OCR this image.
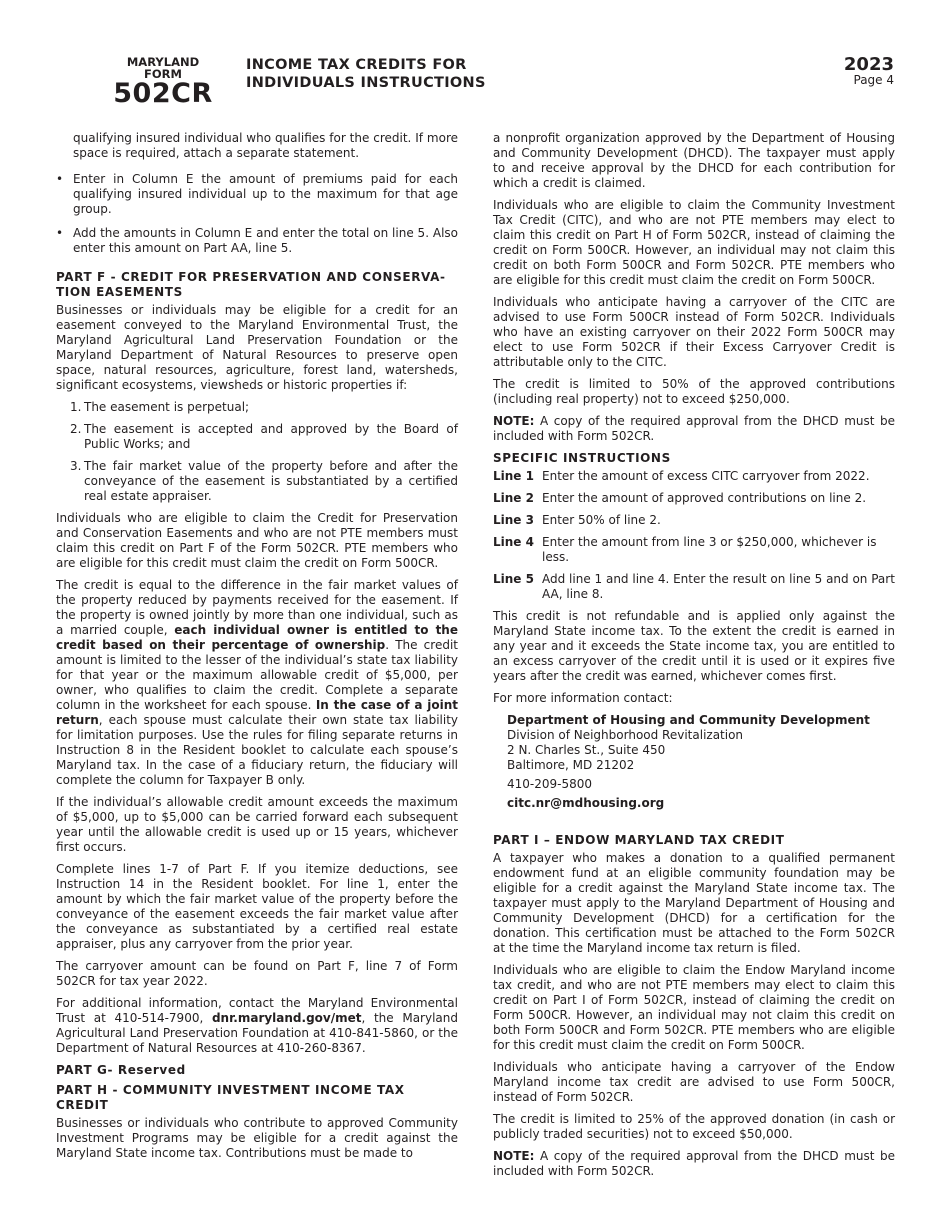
MARYLAND
FORM
502CR
INCOME TAX CREDITS FOR
INDIVIDUALS INSTRUCTIONS
2023
Page 4
qualifying insured individual who qualifies for the credit. If more space is required, attach a separate statement.
• Enter in Column E the amount of premiums paid for each qualifying insured individual up to the maximum for that age group.
• Add the amounts in Column E and enter the total on line 5. Also enter this amount on Part AA, line 5.
PART F - CREDIT FOR PRESERVATION AND CONSERVA-TION EASEMENTS

Businesses or individuals may be eligible for a credit for an easement conveyed to the Maryland Environmental Trust, the Maryland Agricultural Land Preservation Foundation or the Maryland Department of Natural Resources to preserve open space, natural resources, agriculture, forest land, watersheds, significant ecosystems, viewsheds or historic properties if:

1. The easement is perpetual;
2. The easement is accepted and approved by the Board of Public Works; and
3. The fair market value of the property before and after the conveyance of the easement is substantiated by a certified real estate appraiser.

Individuals who are eligible to claim the Credit for Preservation and Conservation Easements and who are not PTE members must claim this credit on Part F of the Form 502CR. PTE members who are eligible for this credit must claim the credit on Form 500CR.

The credit is equal to the difference in the fair market values of the property reduced by payments received for the easement. If the property is owned jointly by more than one individual, such as a married couple, each individual owner is entitled to the credit based on their percentage of ownership. The credit amount is limited to the lesser of the individual’s state tax liability for that year or the maximum allowable credit of $5,000, per owner, who qualifies to claim the credit. Complete a separate column in the worksheet for each spouse. In the case of a joint return, each spouse must calculate their own state tax liability for limitation purposes. Use the rules for filing separate returns in Instruction 8 in the Resident booklet to calculate each spouse’s Maryland tax. In the case of a fiduciary return, the fiduciary will complete the column for Taxpayer B only.

If the individual’s allowable credit amount exceeds the maximum of $5,000, up to $5,000 can be carried forward each subsequent year until the allowable credit is used up or 15 years, whichever first occurs.

Complete lines 1-7 of Part F. If you itemize deductions, see Instruction 14 in the Resident booklet. For line 1, enter the amount by which the fair market value of the property before the conveyance of the easement exceeds the fair market value after the conveyance as substantiated by a certified real estate appraiser, plus any carryover from the prior year.

The carryover amount can be found on Part F, line 7 of Form 502CR for tax year 2022.

For additional information, contact the Maryland Environmental Trust at 410-514-7900, dnr.maryland.gov/met, the Maryland Agricultural Land Preservation Foundation at 410-841-5860, or the Department of Natural Resources at 410-260-8367.

PART G- Reserved
PART H - COMMUNITY INVESTMENT INCOME TAX CREDIT

Businesses or individuals who contribute to approved Community Investment Programs may be eligible for a credit against the Maryland State income tax. Contributions must be made to

a nonprofit organization approved by the Department of Housing and Community Development (DHCD). The taxpayer must apply to and receive approval by the DHCD for each contribution for which a credit is claimed.

Individuals who are eligible to claim the Community Investment Tax Credit (CITC), and who are not PTE members may elect to claim this credit on Part H of Form 502CR, instead of claiming the credit on Form 500CR. However, an individual may not claim this credit on both Form 500CR and Form 502CR. PTE members who are eligible for this credit must claim the credit on Form 500CR.

Individuals who anticipate having a carryover of the CITC are advised to use Form 500CR instead of Form 502CR. Individuals who have an existing carryover on their 2022 Form 500CR may elect to use Form 502CR if their Excess Carryover Credit is attributable only to the CITC.

The credit is limited to 50% of the approved contributions (including real property) not to exceed $250,000.

NOTE: A copy of the required approval from the DHCD must be included with Form 502CR.

SPECIFIC INSTRUCTIONS
Line 1 Enter the amount of excess CITC carryover from 2022.
Line 2 Enter the amount of approved contributions on line 2.
Line 3 Enter 50% of line 2.
Line 4 Enter the amount from line 3 or $250,000, whichever is less.
Line 5 Add line 1 and line 4. Enter the result on line 5 and on Part AA, line 8.

This credit is not refundable and is applied only against the Maryland State income tax. To the extent the credit is earned in any year and it exceeds the State income tax, you are entitled to an excess carryover of the credit until it is used or it expires five years after the credit was earned, whichever comes first.

For more information contact:

Department of Housing and Community Development
Division of Neighborhood Revitalization
2 N. Charles St., Suite 450
Baltimore, MD 21202
410-209-5800
citc.nr@mdhousing.org
PART I – ENDOW MARYLAND TAX CREDIT

A taxpayer who makes a donation to a qualified permanent endowment fund at an eligible community foundation may be eligible for a credit against the Maryland State income tax. The taxpayer must apply to the Maryland Department of Housing and Community Development (DHCD) for a certification for the donation. This certification must be attached to the Form 502CR at the time the Maryland income tax return is filed.

Individuals who are eligible to claim the Endow Maryland income tax credit, and who are not PTE members may elect to claim this credit on Part I of Form 502CR, instead of claiming the credit on Form 500CR. However, an individual may not claim this credit on both Form 500CR and Form 502CR. PTE members who are eligible for this credit must claim the credit on Form 500CR.

Individuals who anticipate having a carryover of the Endow Maryland income tax credit are advised to use Form 500CR, instead of Form 502CR.

The credit is limited to 25% of the approved donation (in cash or publicly traded securities) not to exceed $50,000.

NOTE: A copy of the required approval from the DHCD must be included with Form 502CR.
